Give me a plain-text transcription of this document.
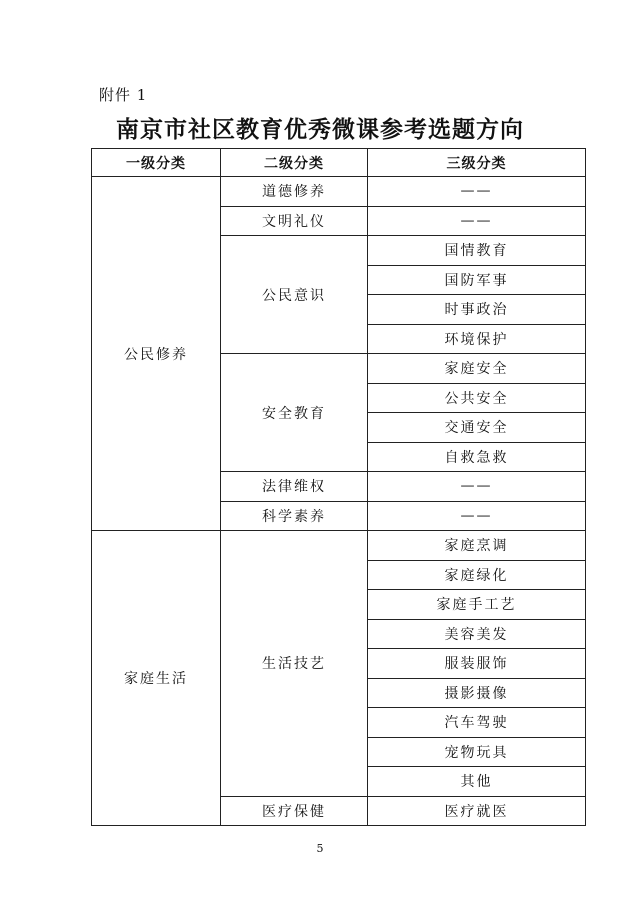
附件 1
南京市社区教育优秀微课参考选题方向
一级分类	二级分类	三级分类
公民修养	道德修养	——
	文明礼仪	——
	公民意识	国情教育
		国防军事
		时事政治
		环境保护
	安全教育	家庭安全
		公共安全
		交通安全
		自救急救
	法律维权	——
	科学素养	——
家庭生活	生活技艺	家庭烹调
		家庭绿化
		家庭手工艺
		美容美发
		服装服饰
		摄影摄像
		汽车驾驶
		宠物玩具
		其他
	医疗保健	医疗就医
5
